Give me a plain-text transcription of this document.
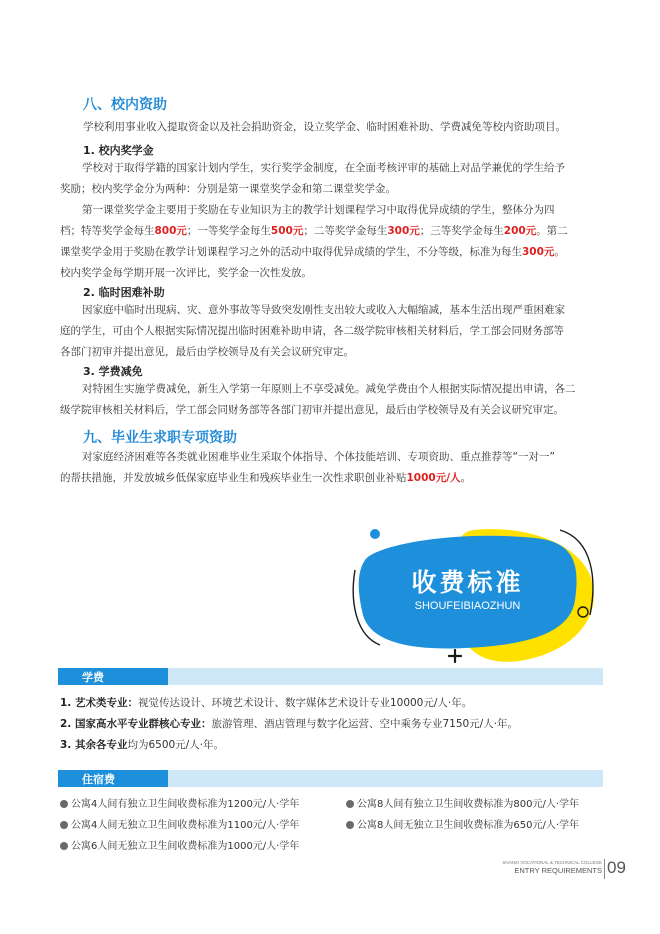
八、校内资助
学校利用事业收入提取资金以及社会捐助资金，设立奖学金、临时困难补助、学费减免等校内资助项目。
1. 校内奖学金
学校对于取得学籍的国家计划内学生，实行奖学金制度，在全面考核评审的基础上对品学兼优的学生给予
奖励；校内奖学金分为两种：分别是第一课堂奖学金和第二课堂奖学金。
第一课堂奖学金主要用于奖励在专业知识为主的教学计划课程学习中取得优异成绩的学生，整体分为四
档；特等奖学金每生800元；一等奖学金每生500元；二等奖学金每生300元；三等奖学金每生200元。第二
课堂奖学金用于奖励在教学计划课程学习之外的活动中取得优异成绩的学生，不分等级，标准为每生300元。
校内奖学金每学期开展一次评比，奖学金一次性发放。
2. 临时困难补助
因家庭中临时出现病、灾、意外事故等导致突发刚性支出较大或收入大幅缩减，基本生活出现严重困难家
庭的学生，可由个人根据实际情况提出临时困难补助申请，各二级学院审核相关材料后，学工部会同财务部等
各部门初审并提出意见，最后由学校领导及有关会议研究审定。
3. 学费减免
对特困生实施学费减免，新生入学第一年原则上不享受减免。减免学费由个人根据实际情况提出申请，各二
级学院审核相关材料后，学工部会同财务部等各部门初审并提出意见，最后由学校领导及有关会议研究审定。
九、毕业生求职专项资助
对家庭经济困难等各类就业困难毕业生采取个体指导、个体技能培训、专项资助、重点推荐等“一对一”
的帮扶措施，并发放城乡低保家庭毕业生和残疾毕业生一次性求职创业补贴1000元/人。
收费标准
SHOUFEIBIAOZHUN
学费
1. 艺术类专业：视觉传达设计、环境艺术设计、数字媒体艺术设计专业10000元/人·年。
2. 国家高水平专业群核心专业：旅游管理、酒店管理与数字化运营、空中乘务专业7150元/人·年。
3. 其余各专业均为6500元/人·年。
住宿费
公寓4人间有独立卫生间收费标准为1200元/人·学年
公寓4人间无独立卫生间收费标准为1100元/人·学年
公寓6人间无独立卫生间收费标准为1000元/人·学年
公寓8人间有独立卫生间收费标准为800元/人·学年
公寓8人间无独立卫生间收费标准为650元/人·学年
SHANXI VOCATIONAL & TECHNICAL COLLEGE
ENTRY REQUIREMENTS 09
